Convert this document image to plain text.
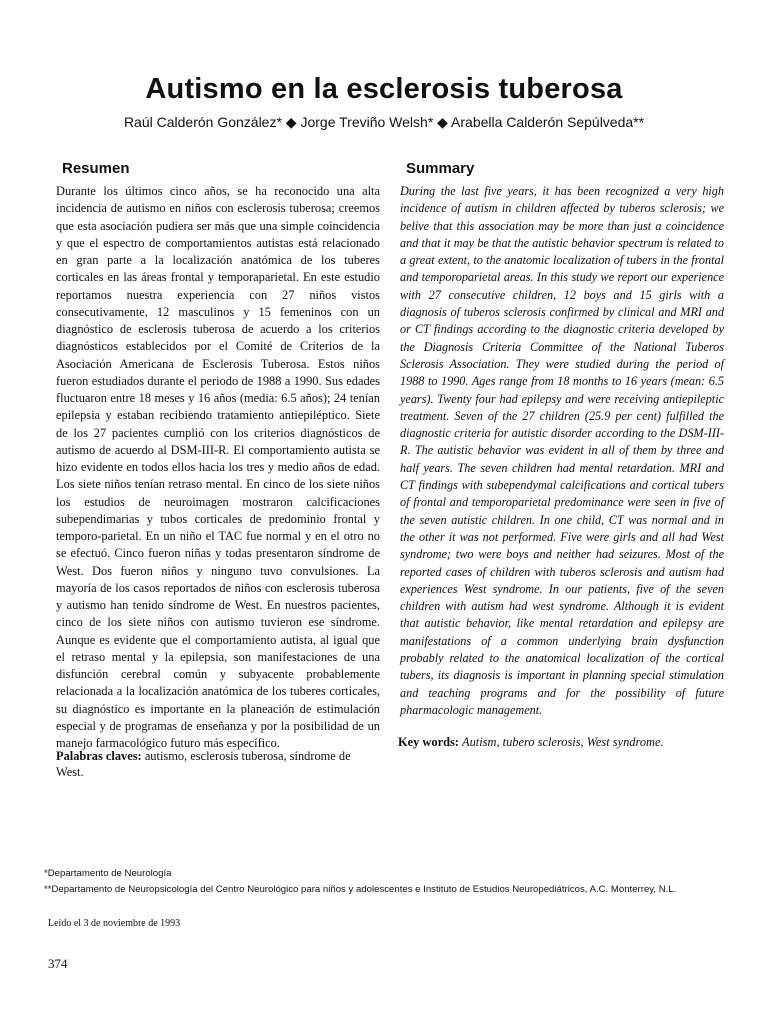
Autismo en la esclerosis tuberosa
Raúl Calderón González* ◆ Jorge Treviño Welsh* ◆ Arabella Calderón Sepúlveda**
Resumen

Durante los últimos cinco años, se ha reconocido una alta incidencia de autismo en niños con esclerosis tuberosa; creemos que esta asociación pudiera ser más que una simple coincidencia y que el espectro de comportamientos autistas está relacionado en gran parte a la localización anatómica de los tuberes corticales en las áreas frontal y temporaparietal. En este estudio reportamos nuestra experiencia con 27 niños vistos consecutivamente, 12 masculinos y 15 femeninos con un diagnóstico de esclerosis tuberosa de acuerdo a los criterios diagnósticos establecidos por el Comité de Criterios de la Asociación Americana de Esclerosis Tuberosa. Estos niños fueron estudiados durante el periodo de 1988 a 1990. Sus edades fluctuaron entre 18 meses y 16 años (media: 6.5 años); 24 tenían epilepsia y estaban recibiendo tratamiento antiepiléptico. Siete de los 27 pacientes cumplió con los criterios diagnósticos de autismo de acuerdo al DSM-III-R. El comportamiento autista se hizo evidente en todos ellos hacia los tres y medio años de edad. Los siete niños tenían retraso mental. En cinco de los siete niños los estudios de neuroimagen mostraron calcificaciones subependimarias y tubos corticales de predominio frontal y temporo-parietal. En un niño el TAC fue normal y en el otro no se efectuó. Cinco fueron niñas y todas presentaron síndrome de West. Dos fueron niños y ninguno tuvo convulsiones. La mayoría de los casos reportados de niños con esclerosis tuberosa y autismo han tenido síndrome de West. En nuestros pacientes, cinco de los siete niños con autismo tuvieron ese síndrome. Aunque es evidente que el comportamiento autista, al igual que el retraso mental y la epilepsia, son manifestaciones de una disfunción cerebral común y subyacente probablemente relacionada a la localización anatómica de los tuberes corticales, su diagnóstico es importante en la planeación de estimulación especial y de programas de enseñanza y por la posibilidad de un manejo farmacológico futuro más específico.

Summary

During the last five years, it has been recognized a very high incidence of autism in children affected by tuberos sclerosis; we belive that this association may be more than just a coincidence and that it may be that the autistic behavior spectrum is related to a great extent, to the anatomic localization of tubers in the frontal and temporoparietal areas. In this study we report our experience with 27 consecutive children, 12 boys and 15 girls with a diagnosis of tuberos sclerosis confirmed by clinical and MRI and or CT findings according to the diagnostic criteria developed by the Diagnosis Criteria Committee of the National Tuberos Sclerosis Association. They were studied during the period of 1988 to 1990. Ages range from 18 months to 16 years (mean: 6.5 years). Twenty four had epilepsy and were receiving antiepileptic treatment. Seven of the 27 children (25.9 per cent) fulfilled the diagnostic criteria for autistic disorder according to the DSM-III-R. The autistic behavior was evident in all of them by three and half years. The seven children had mental retardation. MRI and CT findings with subependymal calcifications and cortical tubers of frontal and temporoparietal predominance were seen in five of the seven autistic children. In one child, CT was normal and in the other it was not performed. Five were girls and all had West syndrome; two were boys and neither had seizures. Most of the reported cases of children with tuberos sclerosis and autism had experiences West syndrome. In our patients, five of the seven children with autism had west syndrome. Although it is evident that autistic behavior, like mental retardation and epilepsy are manifestations of a common underlying brain dysfunction probably related to the anatomical localization of the cortical tubers, its diagnosis is important in planning special stimulation and teaching programs and for the possibility of future pharmacologic management.

Palabras claves: autismo, esclerosis tuberosa, síndrome de West.
Key words: Autism, tubero sclerosis, West syndrome.
*Departamento de Neurología
**Departamento de Neuropsicología del Centro Neurológico para niños y adolescentes e Instituto de Estudios Neuropediátricos, A.C. Monterrey, N.L.
Leído el 3 de noviembre de 1993
374
